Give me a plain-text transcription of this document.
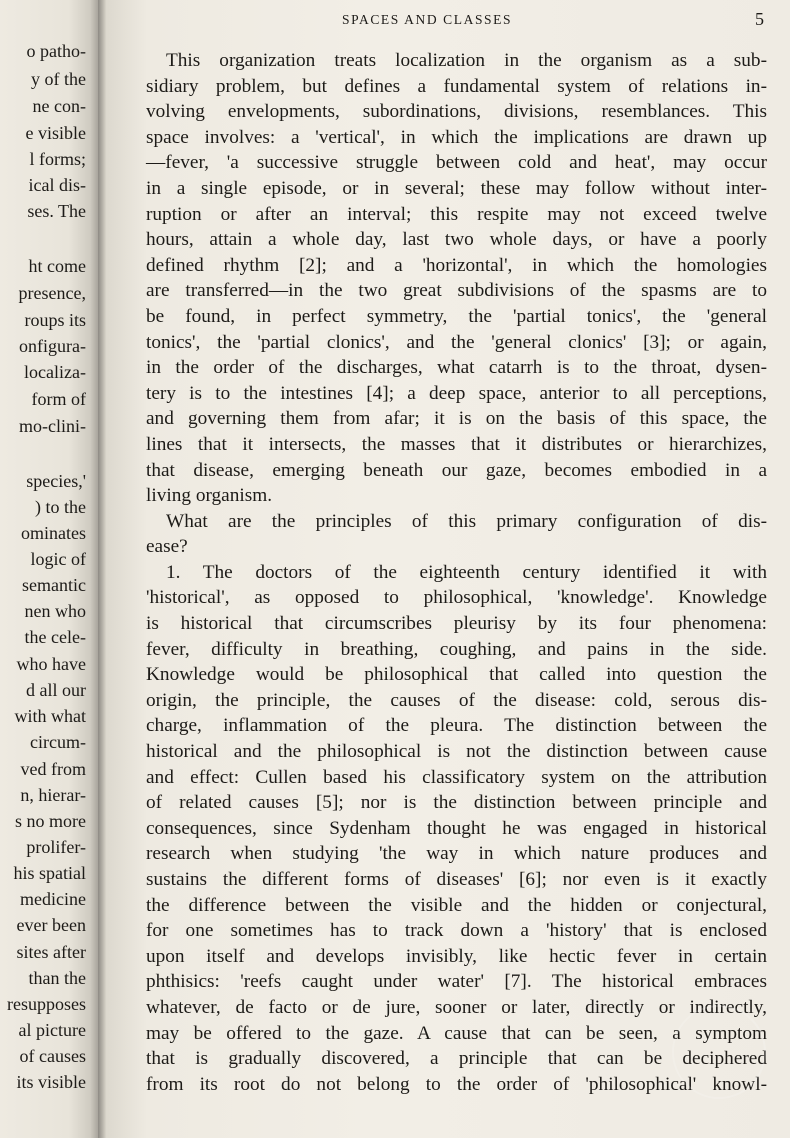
o patho-
y of the
ne con-
e visible
l forms;
ical dis-
ses. The
ht come
presence,
roups its
onfigura-
localiza-
form of
mo-clini-
species,'
) to the
ominates
logic of
semantic
nen who
the cele-
who have
d all our
with what
circum-
ved from
n, hierar-
s no more
prolifer-
his spatial
medicine
ever been
sites after
than the
resupposes
al picture
of causes
its visible
SPACES AND CLASSES	5
This organization treats localization in the organism as a sub-
sidiary problem, but defines a fundamental system of relations in-
volving envelopments, subordinations, divisions, resemblances. This
space involves: a 'vertical', in which the implications are drawn up
—fever, 'a successive struggle between cold and heat', may occur
in a single episode, or in several; these may follow without inter-
ruption or after an interval; this respite may not exceed twelve
hours, attain a whole day, last two whole days, or have a poorly
defined rhythm [2]; and a 'horizontal', in which the homologies
are transferred—in the two great subdivisions of the spasms are to
be found, in perfect symmetry, the 'partial tonics', the 'general
tonics', the 'partial clonics', and the 'general clonics' [3]; or again,
in the order of the discharges, what catarrh is to the throat, dysen-
tery is to the intestines [4]; a deep space, anterior to all perceptions,
and governing them from afar; it is on the basis of this space, the
lines that it intersects, the masses that it distributes or hierarchizes,
that disease, emerging beneath our gaze, becomes embodied in a
living organism.
What are the principles of this primary configuration of dis-
ease?
1. The doctors of the eighteenth century identified it with
'historical', as opposed to philosophical, 'knowledge'. Knowledge
is historical that circumscribes pleurisy by its four phenomena:
fever, difficulty in breathing, coughing, and pains in the side.
Knowledge would be philosophical that called into question the
origin, the principle, the causes of the disease: cold, serous dis-
charge, inflammation of the pleura. The distinction between the
historical and the philosophical is not the distinction between cause
and effect: Cullen based his classificatory system on the attribution
of related causes [5]; nor is the distinction between principle and
consequences, since Sydenham thought he was engaged in historical
research when studying 'the way in which nature produces and
sustains the different forms of diseases' [6]; nor even is it exactly
the difference between the visible and the hidden or conjectural,
for one sometimes has to track down a 'history' that is enclosed
upon itself and develops invisibly, like hectic fever in certain
phthisics: 'reefs caught under water' [7]. The historical embraces
whatever, de facto or de jure, sooner or later, directly or indirectly,
may be offered to the gaze. A cause that can be seen, a symptom
that is gradually discovered, a principle that can be deciphered
from its root do not belong to the order of 'philosophical' knowl-
